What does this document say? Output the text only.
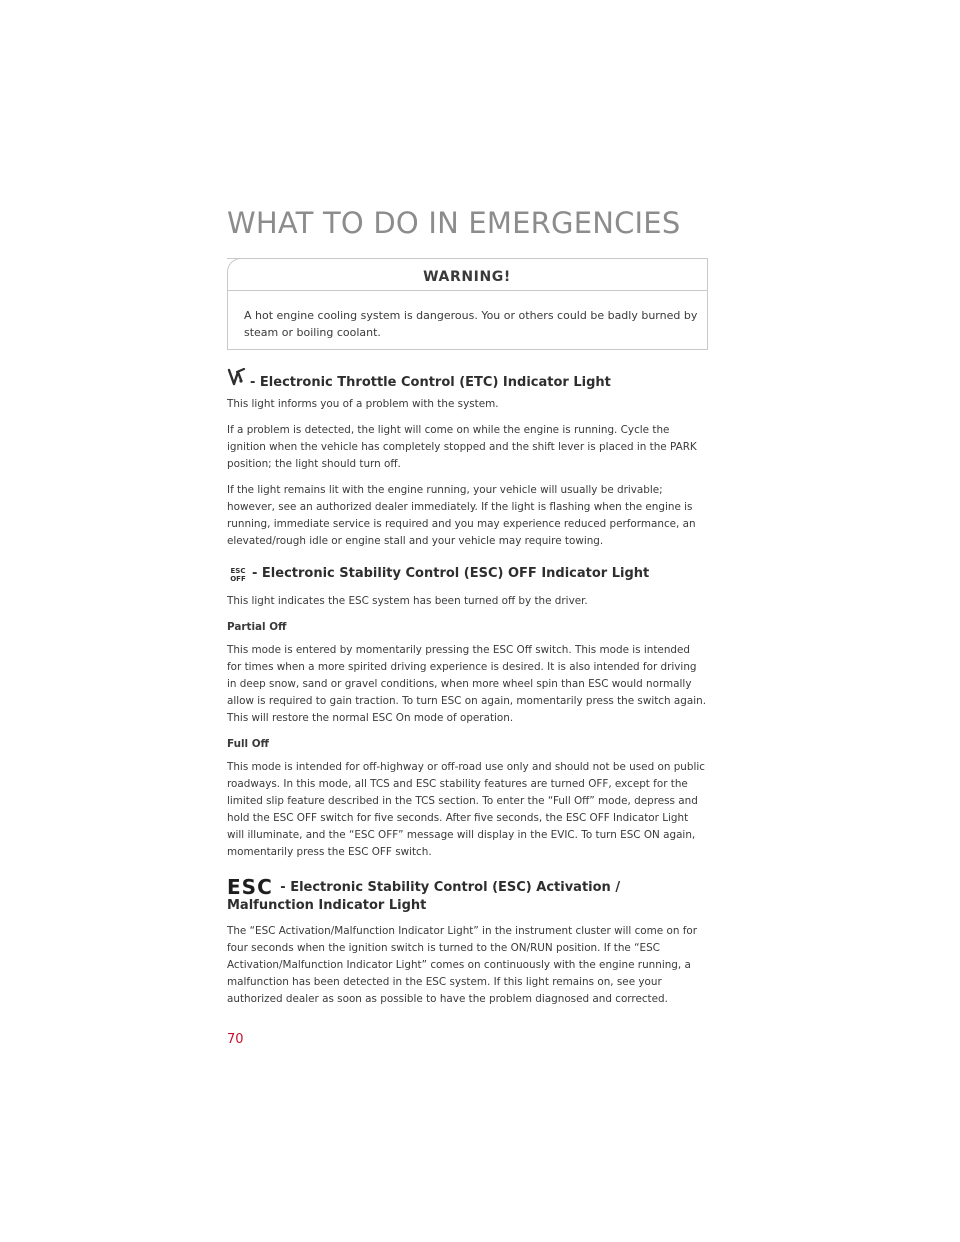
WHAT TO DO IN EMERGENCIES
WARNING!
A hot engine cooling system is dangerous. You or others could be badly burned by steam or boiling coolant.
- Electronic Throttle Control (ETC) Indicator Light

This light informs you of a problem with the system.

If a problem is detected, the light will come on while the engine is running. Cycle the ignition when the vehicle has completely stopped and the shift lever is placed in the PARK position; the light should turn off.

If the light remains lit with the engine running, your vehicle will usually be drivable; however, see an authorized dealer immediately. If the light is flashing when the engine is running, immediate service is required and you may experience reduced performance, an elevated/rough idle or engine stall and your vehicle may require towing.

ESC
OFF - Electronic Stability Control (ESC) OFF Indicator Light

This light indicates the ESC system has been turned off by the driver.

Partial Off

This mode is entered by momentarily pressing the ESC Off switch. This mode is intended for times when a more spirited driving experience is desired. It is also intended for driving in deep snow, sand or gravel conditions, when more wheel spin than ESC would normally allow is required to gain traction. To turn ESC on again, momentarily press the switch again. This will restore the normal ESC On mode of operation.

Full Off

This mode is intended for off-highway or off-road use only and should not be used on public roadways. In this mode, all TCS and ESC stability features are turned OFF, except for the limited slip feature described in the TCS section. To enter the “Full Off” mode, depress and hold the ESC OFF switch for five seconds. After five seconds, the ESC OFF Indicator Light will illuminate, and the “ESC OFF” message will display in the EVIC. To turn ESC ON again, momentarily press the ESC OFF switch.

ESC - Electronic Stability Control (ESC) Activation / Malfunction Indicator Light

The “ESC Activation/Malfunction Indicator Light” in the instrument cluster will come on for four seconds when the ignition switch is turned to the ON/RUN position. If the “ESC Activation/Malfunction Indicator Light” comes on continuously with the engine running, a malfunction has been detected in the ESC system. If this light remains on, see your authorized dealer as soon as possible to have the problem diagnosed and corrected.

70
